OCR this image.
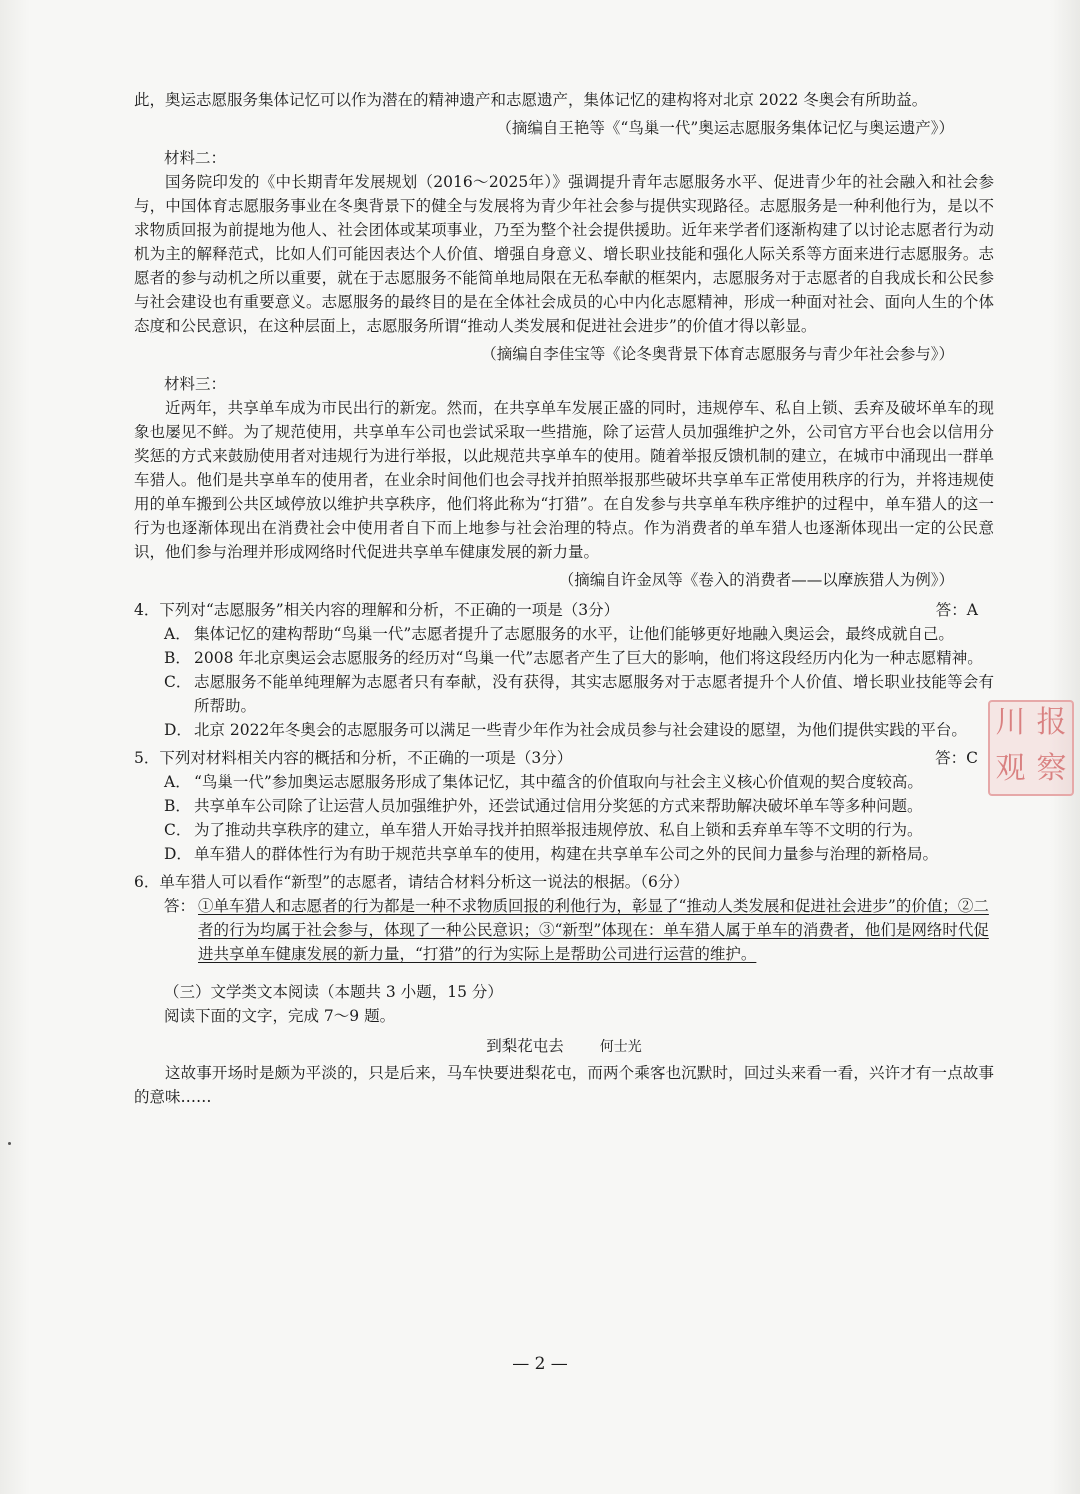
此，奥运志愿服务集体记忆可以作为潜在的精神遗产和志愿遗产，集体记忆的建构将对北京 2022 冬奥会有所助益。

（摘编自王艳等《“鸟巢一代”奥运志愿服务集体记忆与奥运遗产》）

材料二：

国务院印发的《中长期青年发展规划（2016～2025年）》强调提升青年志愿服务水平、促进青少年的社会融入和社会参与，中国体育志愿服务事业在冬奥背景下的健全与发展将为青少年社会参与提供实现路径。志愿服务是一种利他行为，是以不求物质回报为前提地为他人、社会团体或某项事业，乃至为整个社会提供援助。近年来学者们逐渐构建了以讨论志愿者行为动机为主的解释范式，比如人们可能因表达个人价值、增强自身意义、增长职业技能和强化人际关系等方面来进行志愿服务。志愿者的参与动机之所以重要，就在于志愿服务不能简单地局限在无私奉献的框架内，志愿服务对于志愿者的自我成长和公民参与社会建设也有重要意义。志愿服务的最终目的是在全体社会成员的心中内化志愿精神，形成一种面对社会、面向人生的个体态度和公民意识，在这种层面上，志愿服务所谓“推动人类发展和促进社会进步”的价值才得以彰显。

（摘编自李佳宝等《论冬奥背景下体育志愿服务与青少年社会参与》）

材料三：

近两年，共享单车成为市民出行的新宠。然而，在共享单车发展正盛的同时，违规停车、私自上锁、丢弃及破坏单车的现象也屡见不鲜。为了规范使用，共享单车公司也尝试采取一些措施，除了运营人员加强维护之外，公司官方平台也会以信用分奖惩的方式来鼓励使用者对违规行为进行举报，以此规范共享单车的使用。随着举报反馈机制的建立，在城市中涌现出一群单车猎人。他们是共享单车的使用者，在业余时间他们也会寻找并拍照举报那些破坏共享单车正常使用秩序的行为，并将违规使用的单车搬到公共区域停放以维护共享秩序，他们将此称为“打猎”。在自发参与共享单车秩序维护的过程中，单车猎人的这一行为也逐渐体现出在消费社会中使用者自下而上地参与社会治理的特点。作为消费者的单车猎人也逐渐体现出一定的公民意识，他们参与治理并形成网络时代促进共享单车健康发展的新力量。

（摘编自许金凤等《卷入的消费者——以摩族猎人为例》）

4．下列对“志愿服务”相关内容的理解和分析，不正确的一项是（3分）	答：A
A． 集体记忆的建构帮助“鸟巢一代”志愿者提升了志愿服务的水平，让他们能够更好地融入奥运会，最终成就自己。
B． 2008 年北京奥运会志愿服务的经历对“鸟巢一代”志愿者产生了巨大的影响，他们将这段经历内化为一种志愿精神。
C． 志愿服务不能单纯理解为志愿者只有奉献，没有获得，其实志愿服务对于志愿者提升个人价值、增长职业技能等会有所帮助。
D． 北京 2022年冬奥会的志愿服务可以满足一些青少年作为社会成员参与社会建设的愿望，为他们提供实践的平台。
5．下列对材料相关内容的概括和分析，不正确的一项是（3分）	答：C
A． “鸟巢一代”参加奥运志愿服务形成了集体记忆，其中蕴含的价值取向与社会主义核心价值观的契合度较高。
B． 共享单车公司除了让运营人员加强维护外，还尝试通过信用分奖惩的方式来帮助解决破坏单车等多种问题。
C． 为了推动共享秩序的建立，单车猎人开始寻找并拍照举报违规停放、私自上锁和丢弃单车等不文明的行为。
D． 单车猎人的群体性行为有助于规范共享单车的使用，构建在共享单车公司之外的民间力量参与治理的新格局。
6．单车猎人可以看作“新型”的志愿者，请结合材料分析这一说法的根据。（6分）
答： ①单车猎人和志愿者的行为都是一种不求物质回报的利他行为，彰显了“推动人类发展和促进社会进步”的价值；②二者的行为均属于社会参与，体现了一种公民意识；③“新型”体现在：单车猎人属于单车的消费者，他们是网络时代促进共享单车健康发展的新力量，“打猎”的行为实际上是帮助公司进行运营的维护。

（三）文学类文本阅读（本题共 3 小题，15 分）

阅读下面的文字，完成 7～9 题。

到梨花屯去	何士光

这故事开场时是颇为平淡的，只是后来，马车快要进梨花屯，而两个乘客也沉默时，回过头来看一看，兴许才有一点故事的意味……

— 2 —
川 报
观 察
